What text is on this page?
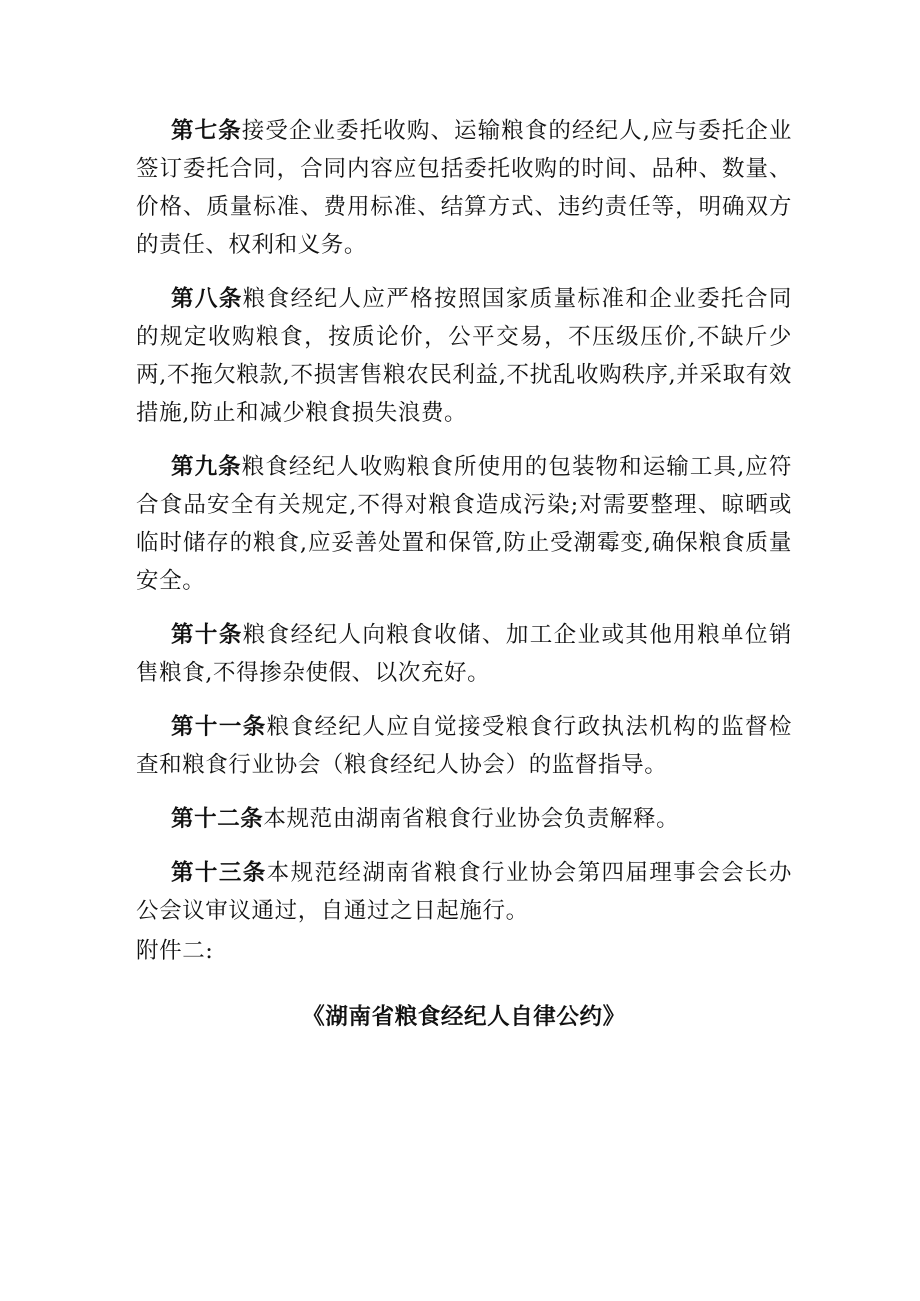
第七条接受企业委托收购、运输粮食的经纪人,应与委托企业签订委托合同，合同内容应包括委托收购的时间、品种、数量、价格、质量标准、费用标准、结算方式、违约责任等，明确双方的责任、权利和义务。

第八条粮食经纪人应严格按照国家质量标准和企业委托合同的规定收购粮食，按质论价，公平交易，不压级压价,不缺斤少两,不拖欠粮款,不损害售粮农民利益,不扰乱收购秩序,并采取有效措施,防止和减少粮食损失浪费。

第九条粮食经纪人收购粮食所使用的包装物和运输工具,应符合食品安全有关规定,不得对粮食造成污染;对需要整理、晾晒或临时储存的粮食,应妥善处置和保管,防止受潮霉变,确保粮食质量安全。

第十条粮食经纪人向粮食收储、加工企业或其他用粮单位销售粮食,不得掺杂使假、以次充好。

第十一条粮食经纪人应自觉接受粮食行政执法机构的监督检查和粮食行业协会（粮食经纪人协会）的监督指导。

第十二条本规范由湖南省粮食行业协会负责解释。

第十三条本规范经湖南省粮食行业协会第四届理事会会长办公会议审议通过，自通过之日起施行。

附件二:
《湖南省粮食经纪人自律公约》
